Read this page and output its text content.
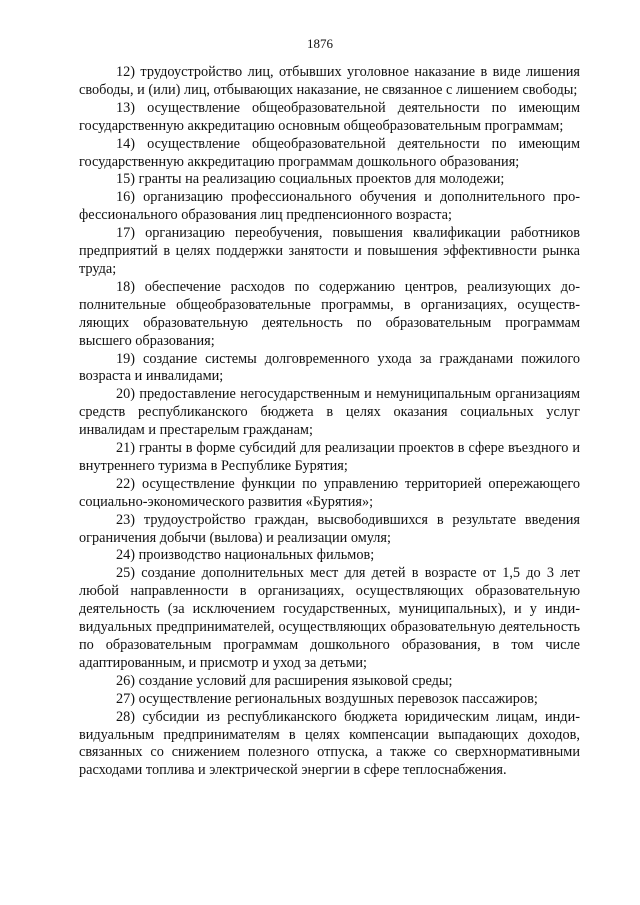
1876

12) трудоустройство лиц, отбывших уголовное наказание в виде лишения свободы, и (или) лиц, отбывающих наказание, не связанное с лишением свободы;

13) осуществление общеобразовательной деятельности по имеющим государственную аккредитацию основным общеобразовательным программам;

14) осуществление общеобразовательной деятельности по имеющим государственную аккредитацию программам дошкольного образования;

15) гранты на реализацию социальных проектов для молодежи;

16) организацию профессионального обучения и дополнительного профессионального образования лиц предпенсионного возраста;

17) организацию переобучения, повышения квалификации работников предприятий в целях поддержки занятости и повышения эффективности рынка труда;

18) обеспечение расходов по содержанию центров, реализующих дополнительные общеобразовательные программы, в организациях, осуществляющих образовательную деятельность по образовательным программам высшего образования;

19) создание системы долговременного ухода за гражданами пожилого возраста и инвалидами;

20) предоставление негосударственным и немуниципальным организациям средств республиканского бюджета в целях оказания социальных услуг инвалидам и престарелым гражданам;

21) гранты в форме субсидий для реализации проектов в сфере въездного и внутреннего туризма в Республике Бурятия;

22) осуществление функции по управлению территорией опережающего социально-экономического развития «Бурятия»;

23) трудоустройство граждан, высвободившихся в результате введения ограничения добычи (вылова) и реализации омуля;

24) производство национальных фильмов;

25) создание дополнительных мест для детей в возрасте от 1,5 до 3 лет любой направленности в организациях, осуществляющих образовательную деятельность (за исключением государственных, муниципальных), и у индивидуальных предпринимателей, осуществляющих образовательную деятельность по образовательным программам дошкольного образования, в том числе адаптированным, и присмотр и уход за детьми;

26) создание условий для расширения языковой среды;

27) осуществление региональных воздушных перевозок пассажиров;

28) субсидии из республиканского бюджета юридическим лицам, индивидуальным предпринимателям в целях компенсации выпадающих доходов, связанных со снижением полезного отпуска, а также со сверхнормативными расходами топлива и электрической энергии в сфере теплоснабжения.
